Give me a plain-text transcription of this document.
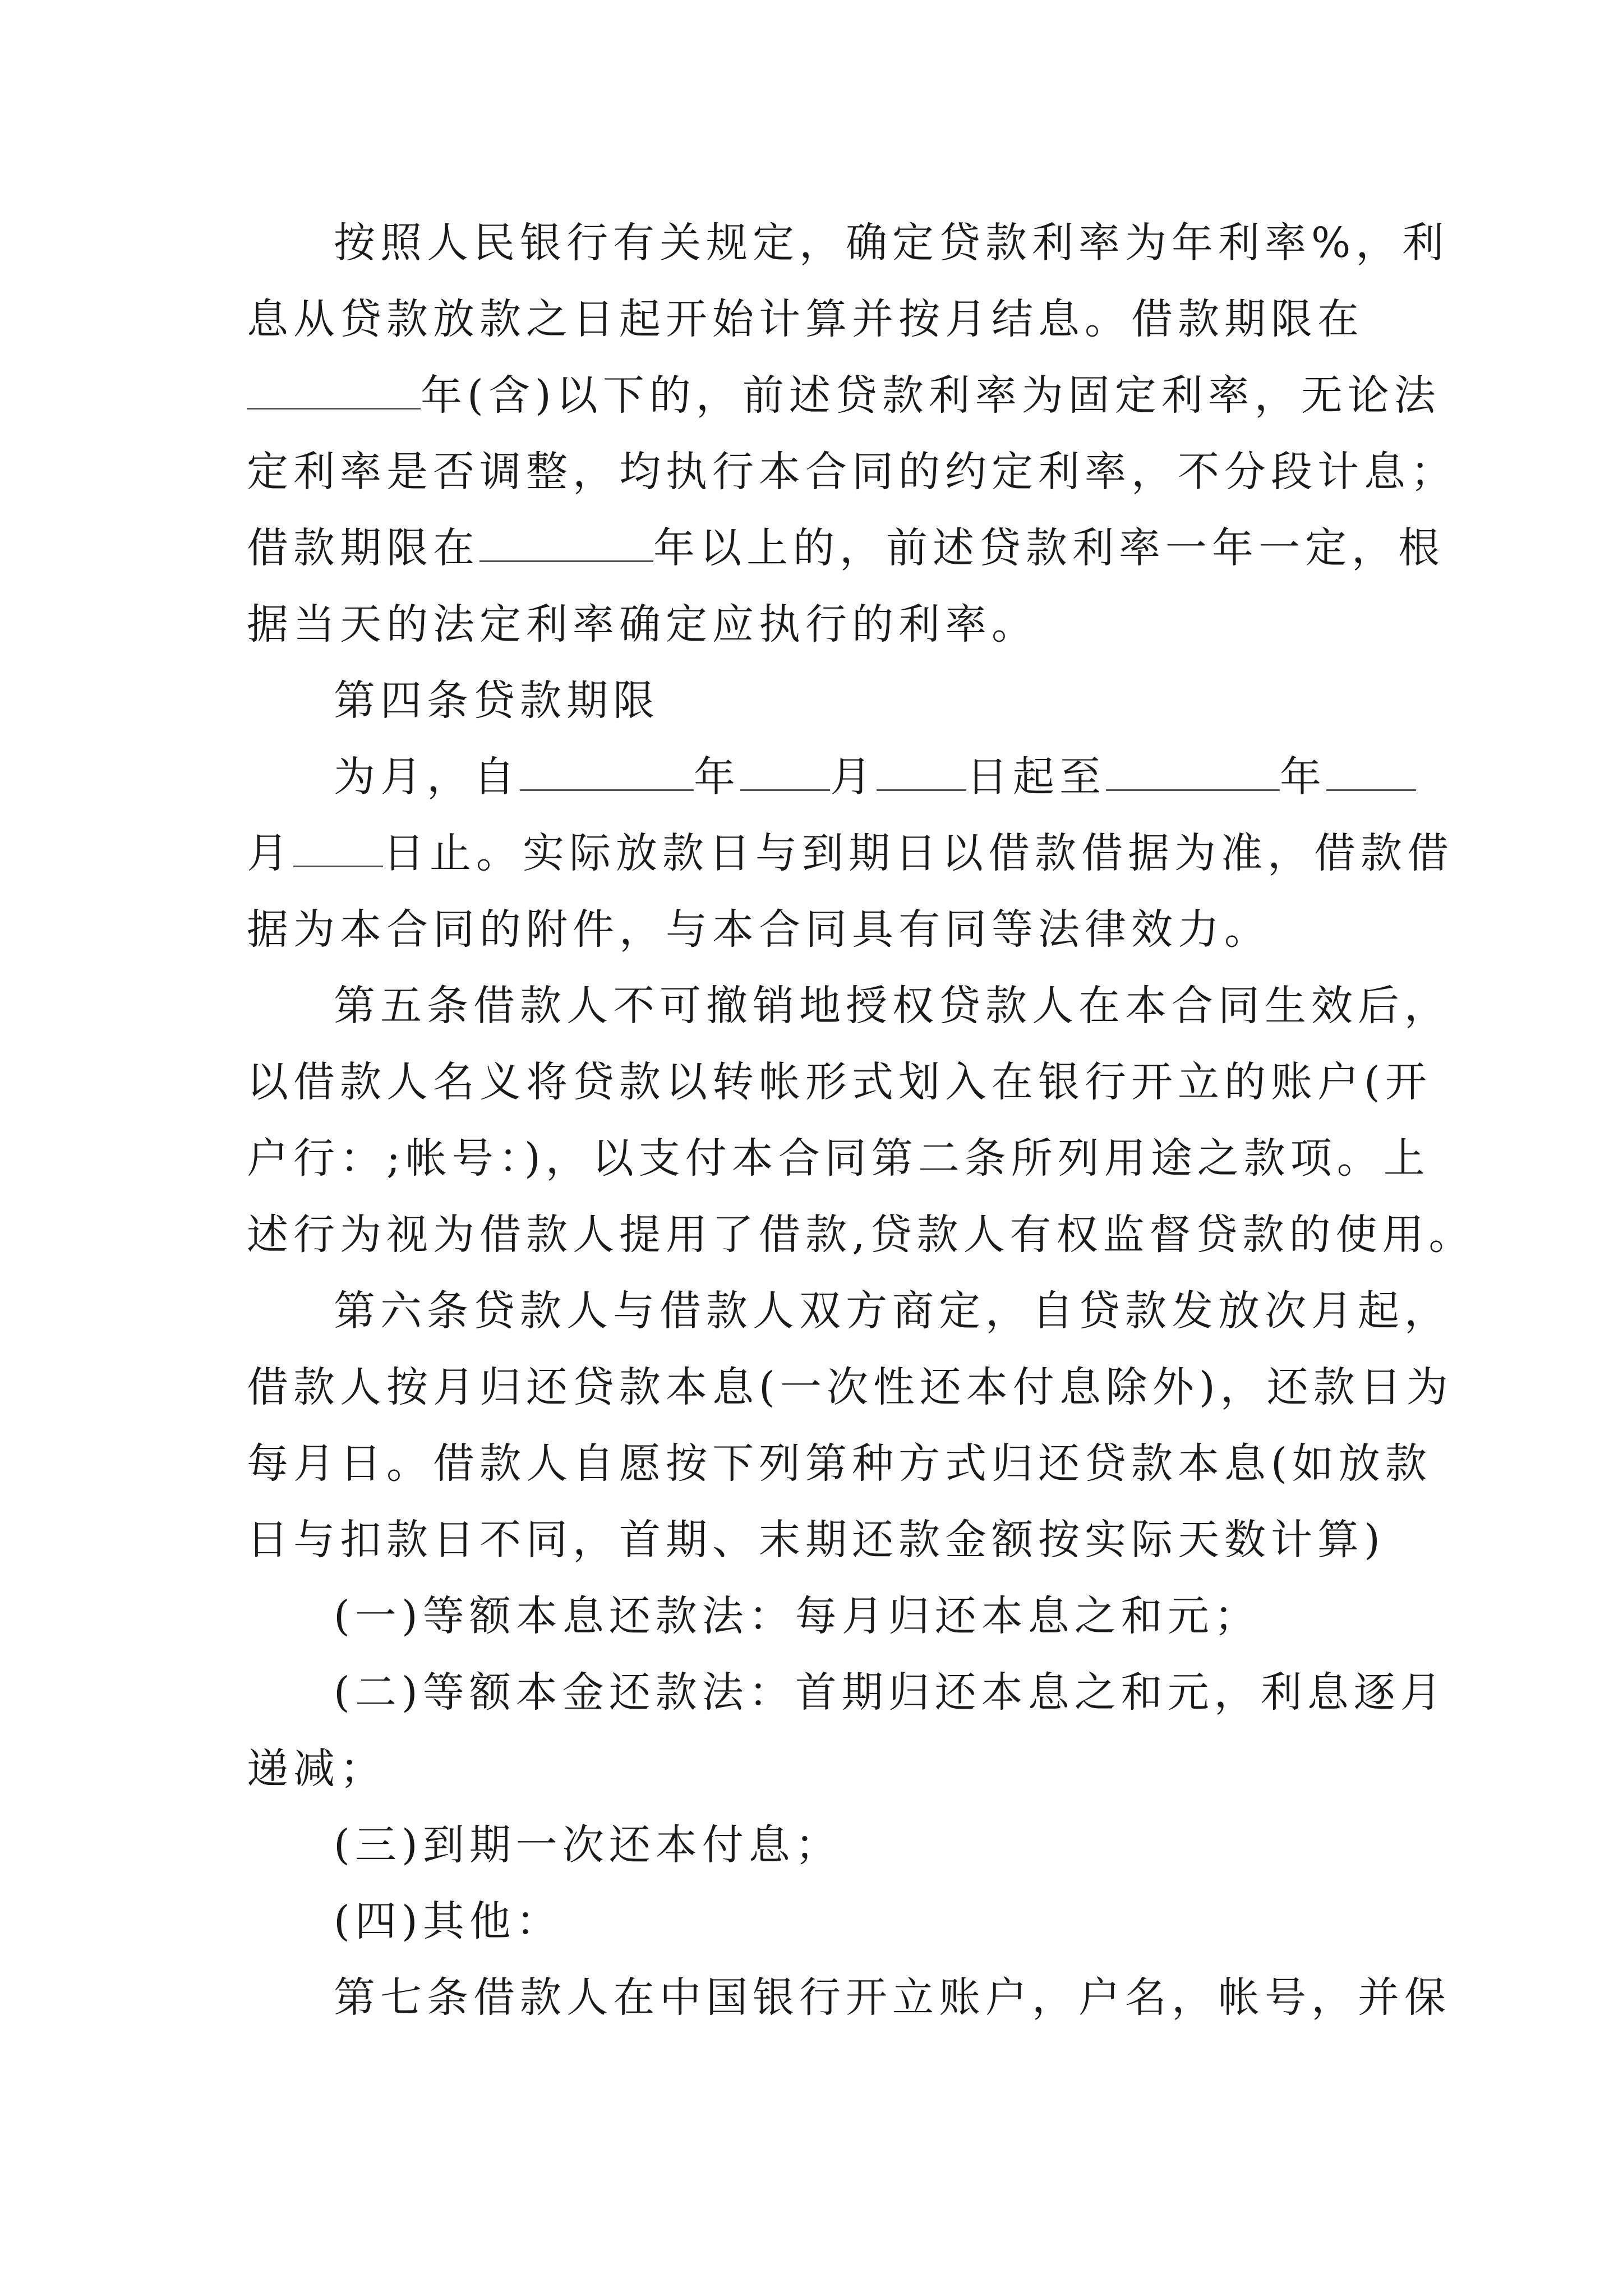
按照人民银行有关规定，确定贷款利率为年利率%，利
息从贷款放款之日起开始计算并按月结息。借款期限在
年(含)以下的，前述贷款利率为固定利率，无论法
定利率是否调整，均执行本合同的约定利率，不分段计息；
借款期限在	年以上的，前述贷款利率一年一定，根
据当天的法定利率确定应执行的利率。
第四条贷款期限
为月，自	年 月 日起至	年
月 日止。实际放款日与到期日以借款借据为准，借款借
据为本合同的附件，与本合同具有同等法律效力。
第五条借款人不可撤销地授权贷款人在本合同生效后，
以借款人名义将贷款以转帐形式划入在银行开立的账户(开
户行：;帐号：)，以支付本合同第二条所列用途之款项。上
述行为视为借款人提用了借款,贷款人有权监督贷款的使用。
第六条贷款人与借款人双方商定，自贷款发放次月起，
借款人按月归还贷款本息(一次性还本付息除外)，还款日为
每月日。借款人自愿按下列第种方式归还贷款本息(如放款
日与扣款日不同，首期、末期还款金额按实际天数计算)
(一)等额本息还款法：每月归还本息之和元；
(二)等额本金还款法：首期归还本息之和元，利息逐月
递减；
(三)到期一次还本付息；
(四)其他：
第七条借款人在中国银行开立账户，户名，帐号，并保
